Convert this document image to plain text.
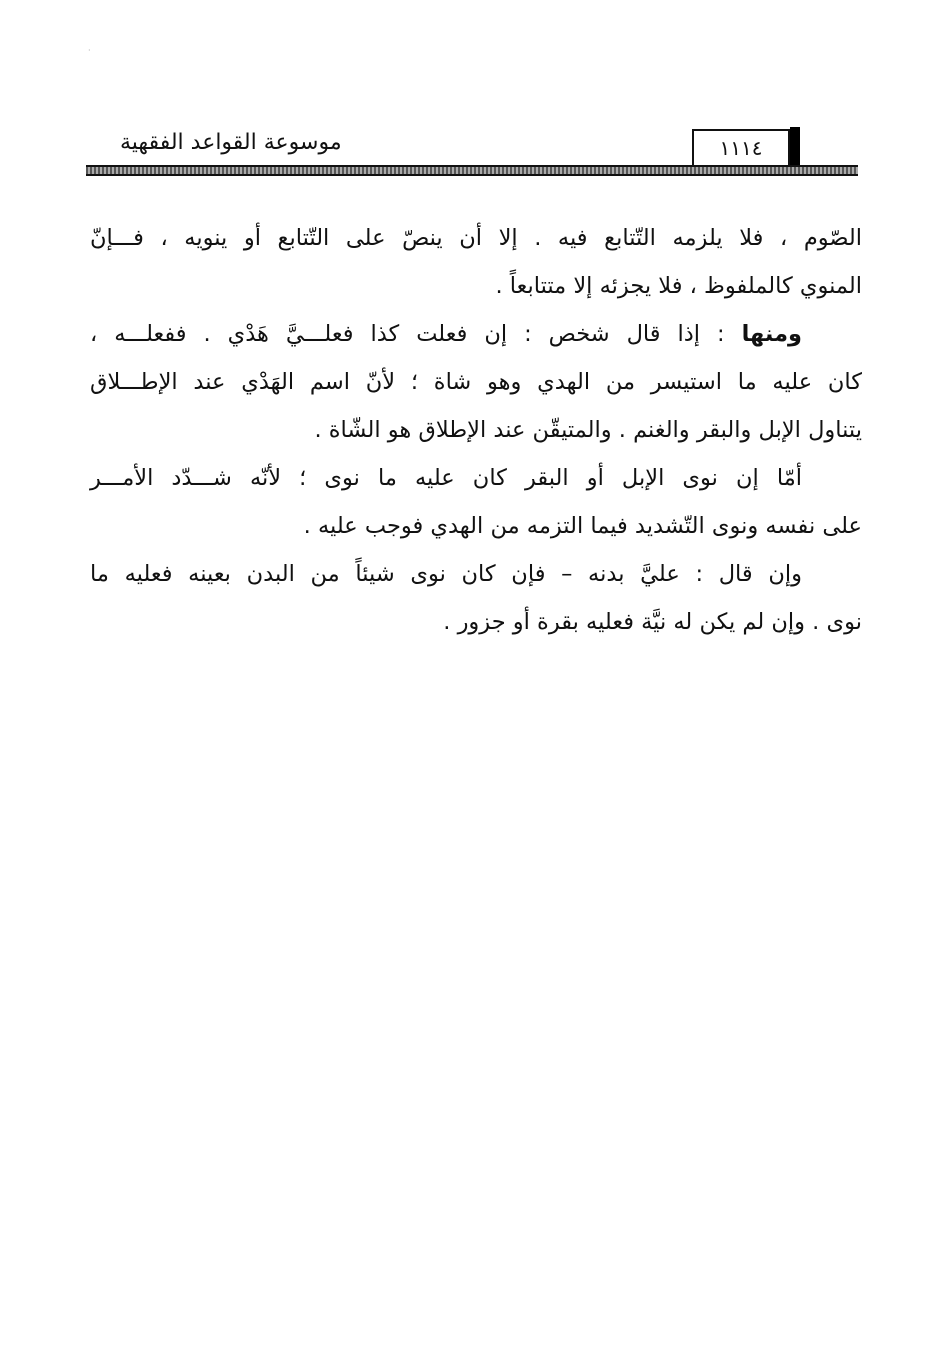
·
موسوعة القواعد الفقهية	١١١٤
الصّوم ، فلا يلزمه التّتابع فيه . إلا أن ينصّ على التّتابع أو ينويه ، فـــإنّ
المنوي كالملفوظ ، فلا يجزئه إلا متتابعاً .
ومنها : إذا قال شخص : إن فعلت كذا فعلـــيَّ هَدْي . ففعلـــه ،
كان عليه ما استيسر من الهدي وهو شاة ؛ لأنّ اسم الهَدْي عند الإطـــلاق
يتناول الإبل والبقر والغنم . والمتيقّن عند الإطلاق هو الشّاة .
أمّا إن نوى الإبل أو البقر كان عليه ما نوى ؛ لأنّه شـــدّد الأمـــر
على نفسه ونوى التّشديد فيما التزمه من الهدي فوجب عليه .
وإن قال : عليَّ بدنه – فإن كان نوى شيئاً من البدن بعينه فعليه ما
نوى . وإن لم يكن له نيَّة فعليه بقرة أو جزور .
